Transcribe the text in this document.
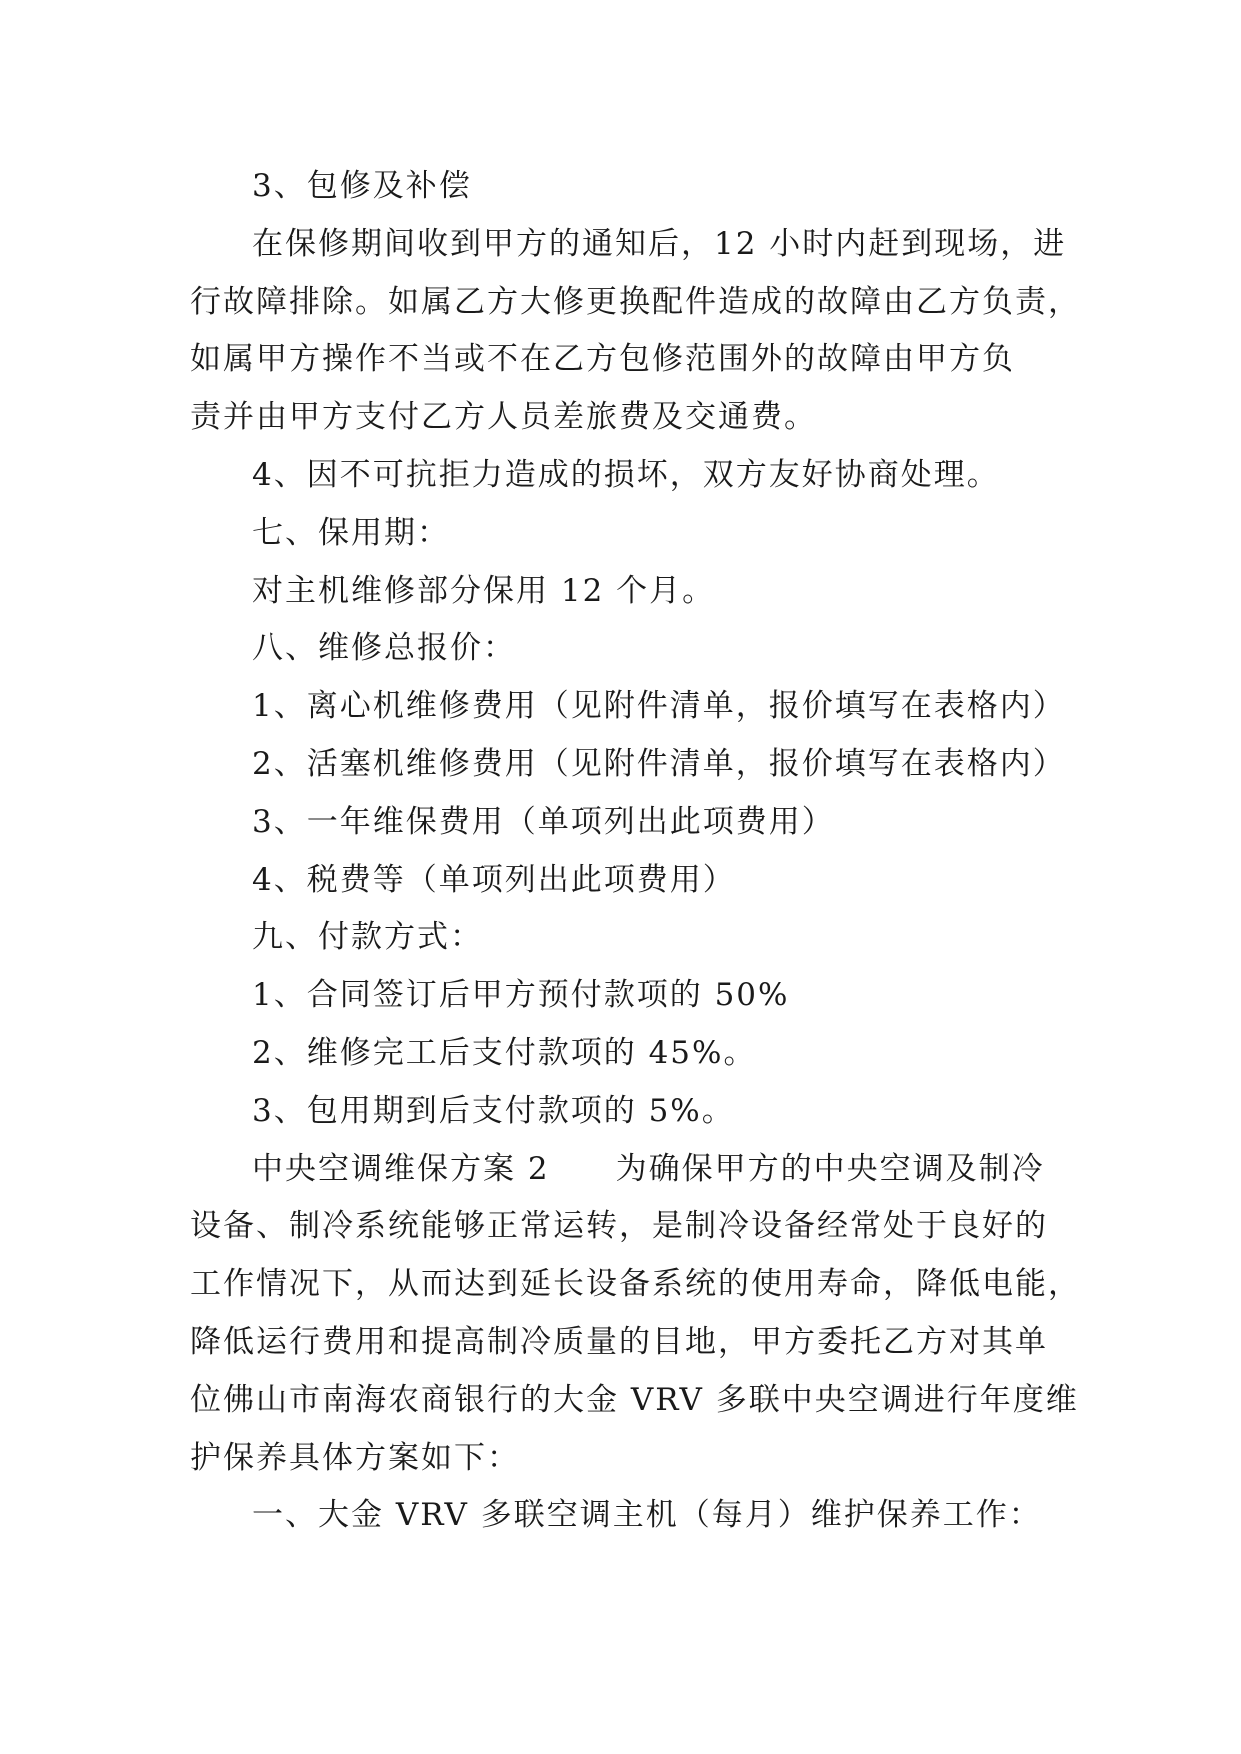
3、包修及补偿
在保修期间收到甲方的通知后，12 小时内赶到现场，进
行故障排除。如属乙方大修更换配件造成的故障由乙方负责，
如属甲方操作不当或不在乙方包修范围外的故障由甲方负
责并由甲方支付乙方人员差旅费及交通费。
4、因不可抗拒力造成的损坏，双方友好协商处理。
七、保用期：
对主机维修部分保用 12 个月。
八、维修总报价：
1、离心机维修费用（见附件清单，报价填写在表格内）
2、活塞机维修费用（见附件清单，报价填写在表格内）
3、一年维保费用（单项列出此项费用）
4、税费等（单项列出此项费用）
九、付款方式：
1、合同签订后甲方预付款项的 50%
2、维修完工后支付款项的 45%。
3、包用期到后支付款项的 5%。
中央空调维保方案 2　　为确保甲方的中央空调及制冷
设备、制冷系统能够正常运转，是制冷设备经常处于良好的
工作情况下，从而达到延长设备系统的使用寿命，降低电能，
降低运行费用和提高制冷质量的目地，甲方委托乙方对其单
位佛山市南海农商银行的大金 VRV 多联中央空调进行年度维
护保养具体方案如下：
一、大金 VRV 多联空调主机（每月）维护保养工作：
